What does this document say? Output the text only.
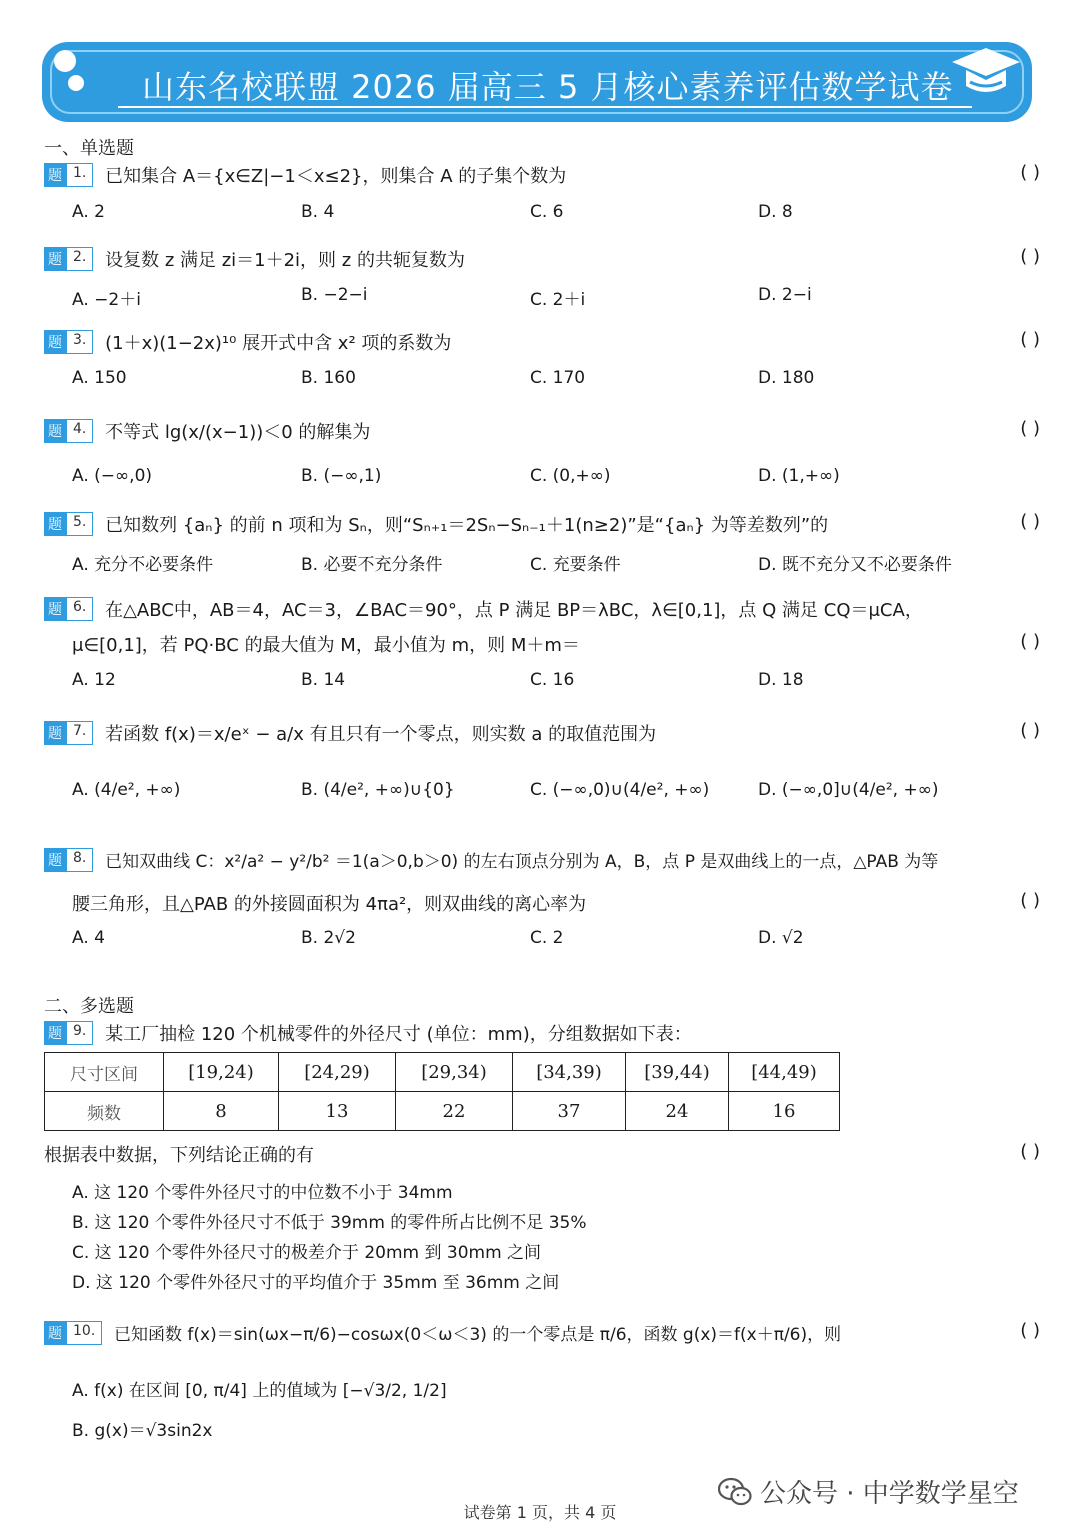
山东名校联盟 2026 届高三 5 月核心素养评估数学试卷
一、单选题
题 1.	已知集合 A＝{x∈Z|−1＜x≤2}，则集合 A 的子集个数为	( )
A. 2	B. 4	C. 6	D. 8
题 2.	设复数 z 满足 zi＝1＋2i，则 z 的共轭复数为	( )
A. −2＋i	B. −2−i	C. 2＋i	D. 2−i
题 3.	(1＋x)(1−2x)¹⁰ 展开式中含 x² 项的系数为	( )
A. 150	B. 160	C. 170	D. 180
题 4.	不等式 lg(x/(x−1))＜0 的解集为	( )
A. (−∞,0)	B. (−∞,1)	C. (0,+∞)	D. (1,+∞)
题 5.	已知数列 {aₙ} 的前 n 项和为 Sₙ，则“Sₙ₊₁＝2Sₙ−Sₙ₋₁＋1(n≥2)”是“{aₙ} 为等差数列”的	( )
A. 充分不必要条件	B. 必要不充分条件	C. 充要条件	D. 既不充分又不必要条件
题 6.	在△ABC中，AB＝4，AC＝3，∠BAC＝90°，点 P 满足 BP＝λBC，λ∈[0,1]，点 Q 满足 CQ＝μCA，
μ∈[0,1]，若 PQ·BC 的最大值为 M，最小值为 m，则 M＋m＝	( )
A. 12	B. 14	C. 16	D. 18
题 7.	若函数 f(x)＝x/eˣ − a/x 有且只有一个零点，则实数 a 的取值范围为	( )
A. (4/e², +∞)	B. (4/e², +∞)∪{0}	C. (−∞,0)∪(4/e², +∞)	D. (−∞,0]∪(4/e², +∞)
题 8.	已知双曲线 C：x²/a² − y²/b² ＝1(a＞0,b＞0) 的左右顶点分别为 A，B，点 P 是双曲线上的一点，△PAB 为等
腰三角形，且△PAB 的外接圆面积为 4πa²，则双曲线的离心率为	( )
A. 4	B. 2√2	C. 2	D. √2
二、多选题
题 9.	某工厂抽检 120 个机械零件的外径尺寸 (单位：mm)，分组数据如下表：
尺寸区间	[19,24)	[24,29)	[29,34)	[34,39)	[39,44)	[44,49)
频数	8	13	22	37	24	16
根据表中数据，下列结论正确的有	( )
A. 这 120 个零件外径尺寸的中位数不小于 34mm
B. 这 120 个零件外径尺寸不低于 39mm 的零件所占比例不足 35%
C. 这 120 个零件外径尺寸的极差介于 20mm 到 30mm 之间
D. 这 120 个零件外径尺寸的平均值介于 35mm 至 36mm 之间
题 10.	已知函数 f(x)＝sin(ωx−π/6)−cosωx(0＜ω＜3) 的一个零点是 π/6，函数 g(x)＝f(x＋π/6)，则	( )
A. f(x) 在区间 [0, π/4] 上的值域为 [−√3/2, 1/2]
B. g(x)＝√3sin2x
公众号 · 中学数学星空
试卷第 1 页，共 4 页
